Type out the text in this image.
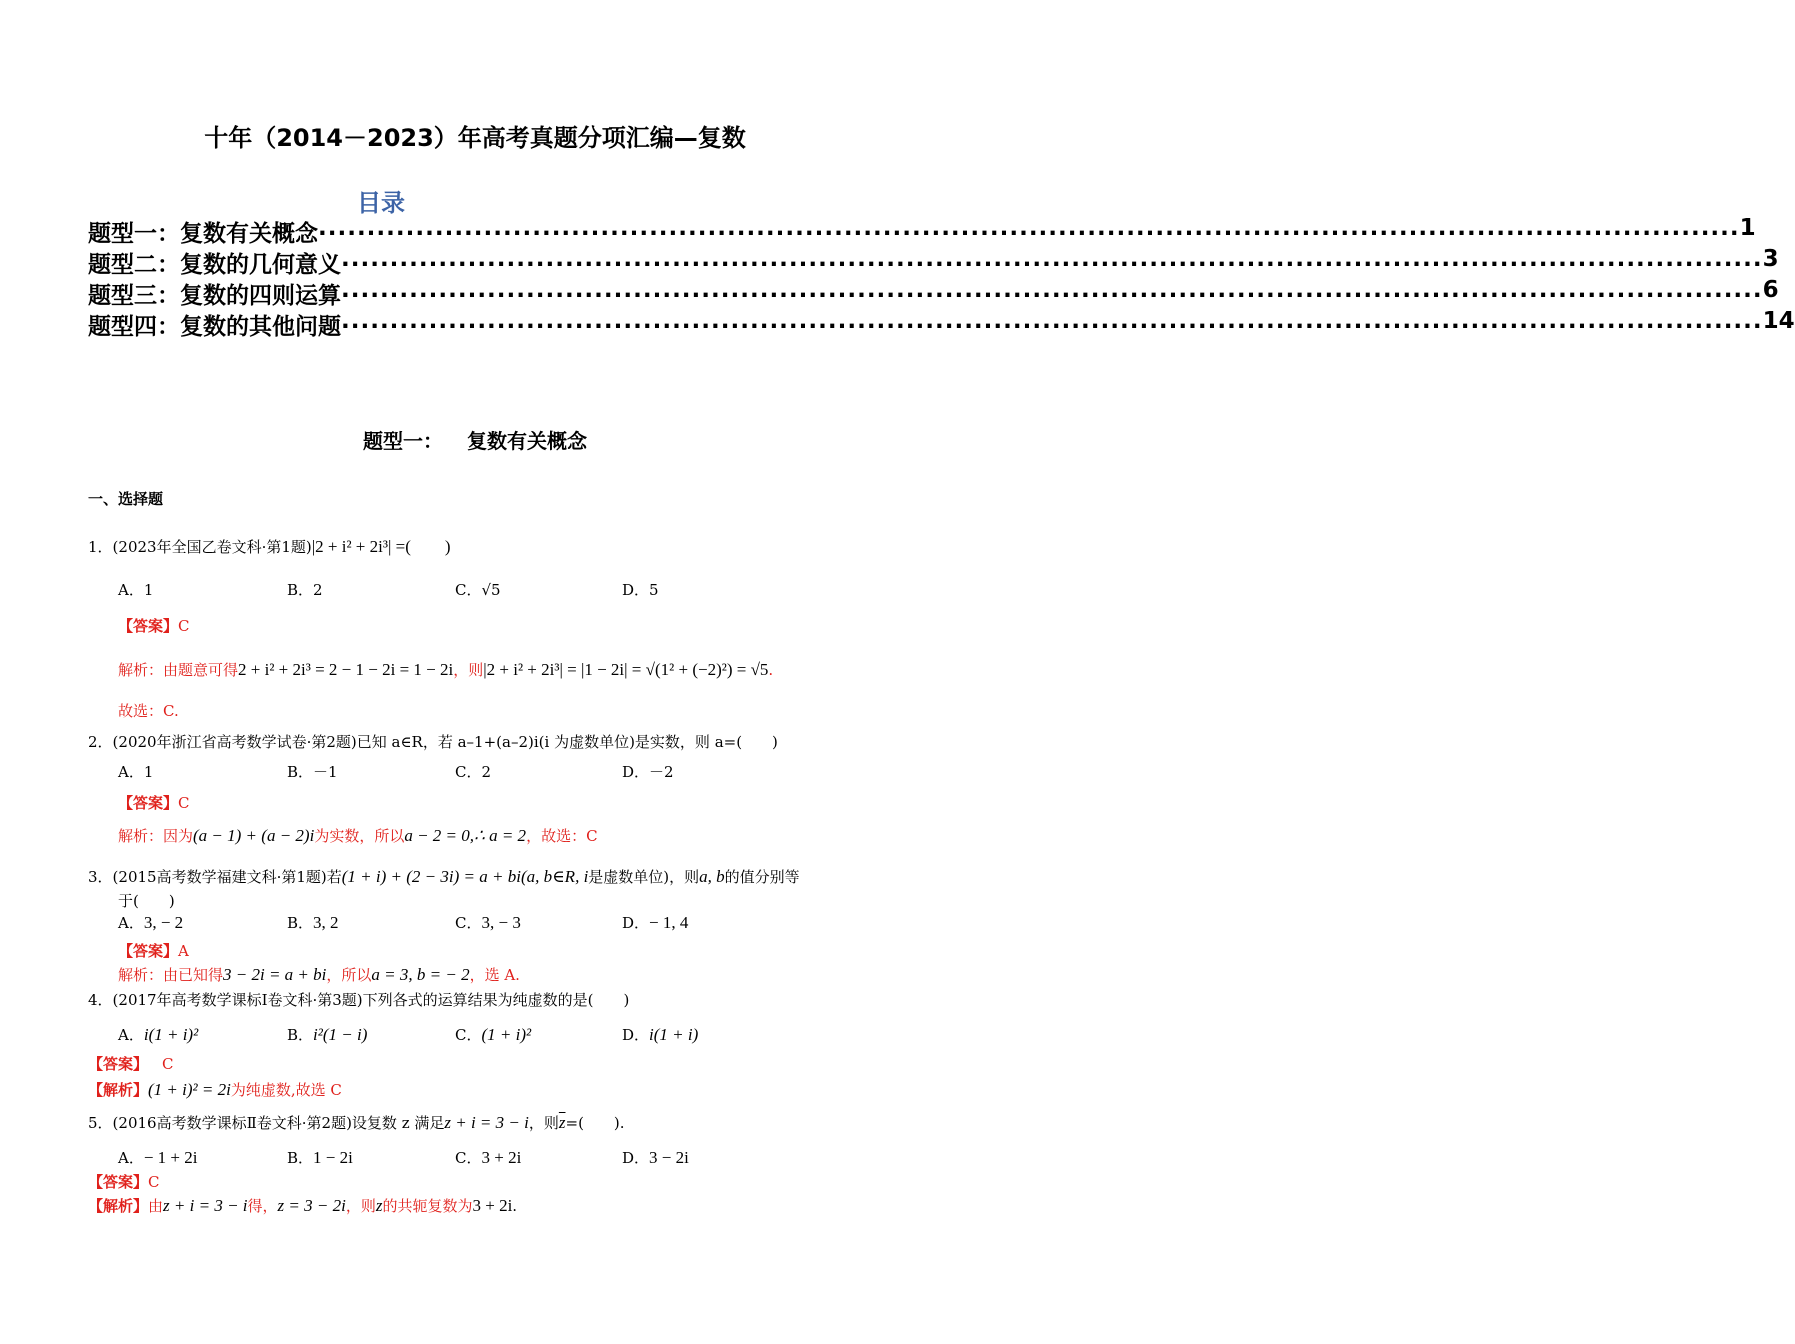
十年（2014－2023）年高考真题分项汇编—复数
目录
题型一： 复数有关概念 .................................................................................................................................................. 1
题型二： 复数的几何意义 .................................................................................................................................................. 3
题型三： 复数的四则运算 .................................................................................................................................................. 6
题型四： 复数的其他问题 .................................................................................................................................................. 14
题型一： 复数有关概念
一、选择题
1．(2023年全国乙卷文科·第1题)|2 + i² + 2i³| =(　　)
A．1	B．2	C．√5	D．5
【答案】C
解析：由题意可得2 + i² + 2i³ = 2 − 1 − 2i = 1 − 2i，则|2 + i² + 2i³| = |1 − 2i| = √(1² + (−2)²) = √5.
故选：C.
2．(2020年浙江省高考数学试卷·第2题)已知 a∈R，若 a–1+(a–2)i(i 为虚数单位)是实数，则 a=(　　)
A．1	B．－1	C．2	D．－2
【答案】C
解析：因为(a − 1) + (a − 2)i为实数，所以a − 2 = 0,∴ a = 2，故选：C
3．(2015高考数学福建文科·第1题)若(1 + i) + (2 − 3i) = a + bi(a, b∈R, i是虚数单位)，则a, b的值分别等
于(　　)
A．3, − 2	B．3, 2	C．3, − 3	D．− 1, 4
【答案】A
解析：由已知得3 − 2i = a + bi，所以a = 3, b = − 2，选 A.
4．(2017年高考数学课标Ⅰ卷文科·第3题)下列各式的运算结果为纯虚数的是(　　)
A．i(1 + i)²	B．i²(1 − i)	C．(1 + i)²	D．i(1 + i)
【答案】 C
【解析】(1 + i)² = 2i为纯虚数,故选 C
5．(2016高考数学课标Ⅱ卷文科·第2题)设复数 z 满足z + i = 3 − i，则$\overline{z}=$(　　).
A．− 1 + 2i	B．1 − 2i	C．3 + 2i	D．3 − 2i
【答案】C
【解析】由z + i = 3 − i得，z = 3 − 2i，则z的共轭复数为3 + 2i.
